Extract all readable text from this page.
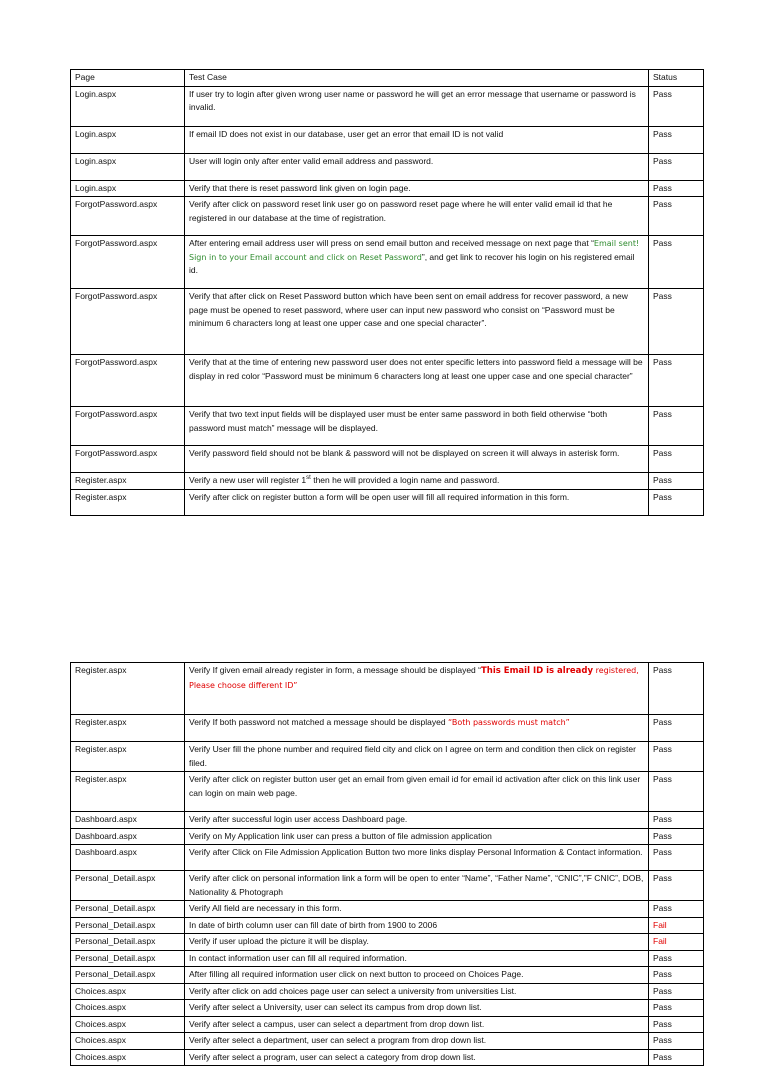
Page	Test Case	Status
Login.aspx	If user try to login after given wrong user name or password he will get an error message that username or password is invalid.	Pass
Login.aspx	If email ID does not exist in our database, user get an error that email ID is not valid	Pass
Login.aspx	User will login only after enter valid email address and password.	Pass
Login.aspx	Verify that there is reset password link given on login page.	Pass
ForgotPassword.aspx	Verify after click on password reset link user go on password reset page where he will enter valid email id that he registered in our database at the time of registration.	Pass
ForgotPassword.aspx	After entering email address user will press on send email button and received message on next page that “Email sent! Sign in to your Email account and click on Reset Password”, and get link to recover his login on his registered email id.	Pass
ForgotPassword.aspx	Verify that after click on Reset Password button which have been sent on email address for recover password, a new page must be opened to reset password, where user can input new password who consist on “Password must be minimum 6 characters long at least one upper case and one special character”.	Pass
ForgotPassword.aspx	Verify that at the time of entering new password user does not enter specific letters into password field a message will be display in red color “Password must be minimum 6 characters long at least one upper case and one special character”	Pass
ForgotPassword.aspx	Verify that two text input fields will be displayed user must be enter same password in both field otherwise “both password must match” message will be displayed.	Pass
ForgotPassword.aspx	Verify password field should not be blank & password will not be displayed on screen it will always in asterisk form.	Pass
Register.aspx	Verify a new user will register 1st then he will provided a login name and password.	Pass
Register.aspx	Verify after click on register button a form will be open user will fill all required information in this form.	Pass
Register.aspx	Verify If given email already register in form, a message should be displayed “This Email ID is already registered, Please choose different ID”	Pass
Register.aspx	Verify If both password not matched a message should be displayed “Both passwords must match”	Pass
Register.aspx	Verify User fill the phone number and required field city and click on I agree on term and condition then click on register filed.	Pass
Register.aspx	Verify after click on register button user get an email from given email id for email id activation after click on this link user can login on main web page.	Pass
Dashboard.aspx	Verify after successful login user access Dashboard page.	Pass
Dashboard.aspx	Verify on My Application link user can press a button of file admission application	Pass
Dashboard.aspx	Verify after Click on File Admission Application Button two more links display Personal Information & Contact information.	Pass
Personal_Detail.aspx	Verify after click on personal information link a form will be open to enter “Name”, “Father Name”, “CNIC”,”F CNIC”, DOB, Nationality & Photograph	Pass
Personal_Detail.aspx	Verify All field are necessary in this form.	Pass
Personal_Detail.aspx	In date of birth column user can fill date of birth from 1900 to 2006	Fail
Personal_Detail.aspx	Verify if user upload the picture it will be display.	Fail
Personal_Detail.aspx	In contact information user can fill all required information.	Pass
Personal_Detail.aspx	After filling all required information user click on next button to proceed on Choices Page.	Pass
Choices.aspx	Verify after click on add choices page user can select a university from universities List.	Pass
Choices.aspx	Verify after select a University, user can select its campus from drop down list.	Pass
Choices.aspx	Verify after select a campus, user can select a department from drop down list.	Pass
Choices.aspx	Verify after select a department, user can select a program from drop down list.	Pass
Choices.aspx	Verify after select a program, user can select a category from drop down list.	Pass
